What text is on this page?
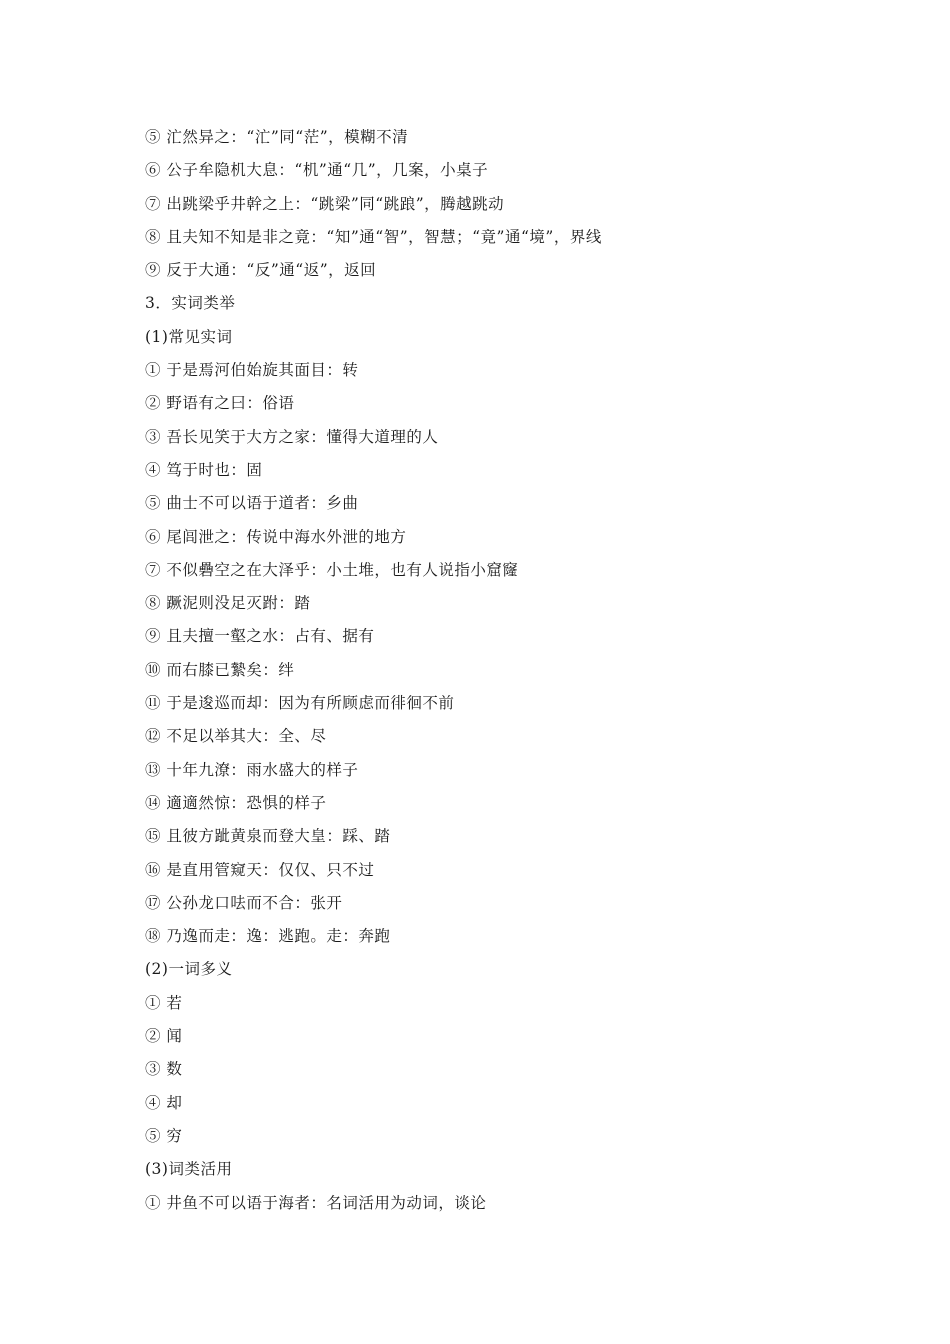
⑤ 汒然异之：“汒”同“茫”，模糊不清
⑥ 公子牟隐机大息：“机”通“几”，几案，小桌子
⑦ 出跳梁乎井幹之上：“跳梁”同“跳踉”，腾越跳动
⑧ 且夫知不知是非之竟：“知”通“智”，智慧；“竟”通“境”，界线
⑨ 反于大通：“反”通“返”，返回
3．实词类举
(1)常见实词
① 于是焉河伯始旋其面目：转
② 野语有之曰：俗语
③ 吾长见笑于大方之家：懂得大道理的人
④ 笃于时也：固
⑤ 曲士不可以语于道者：乡曲
⑥ 尾闾泄之：传说中海水外泄的地方
⑦ 不似礨空之在大泽乎：小土堆，也有人说指小窟窿
⑧ 蹶泥则没足灭跗：踏
⑨ 且夫擅一壑之水：占有、据有
⑩ 而右膝已縶矣：绊
⑪ 于是逡巡而却：因为有所顾虑而徘徊不前
⑫ 不足以举其大：全、尽
⑬ 十年九潦：雨水盛大的样子
⑭ 適適然惊：恐惧的样子
⑮ 且彼方跐黄泉而登大皇：踩、踏
⑯ 是直用管窥天：仅仅、只不过
⑰ 公孙龙口呿而不合：张开
⑱ 乃逸而走：逸：逃跑。走：奔跑
(2)一词多义
① 若
② 闻
③ 数
④ 却
⑤ 穷
(3)词类活用
① 井鱼不可以语于海者：名词活用为动词，谈论
